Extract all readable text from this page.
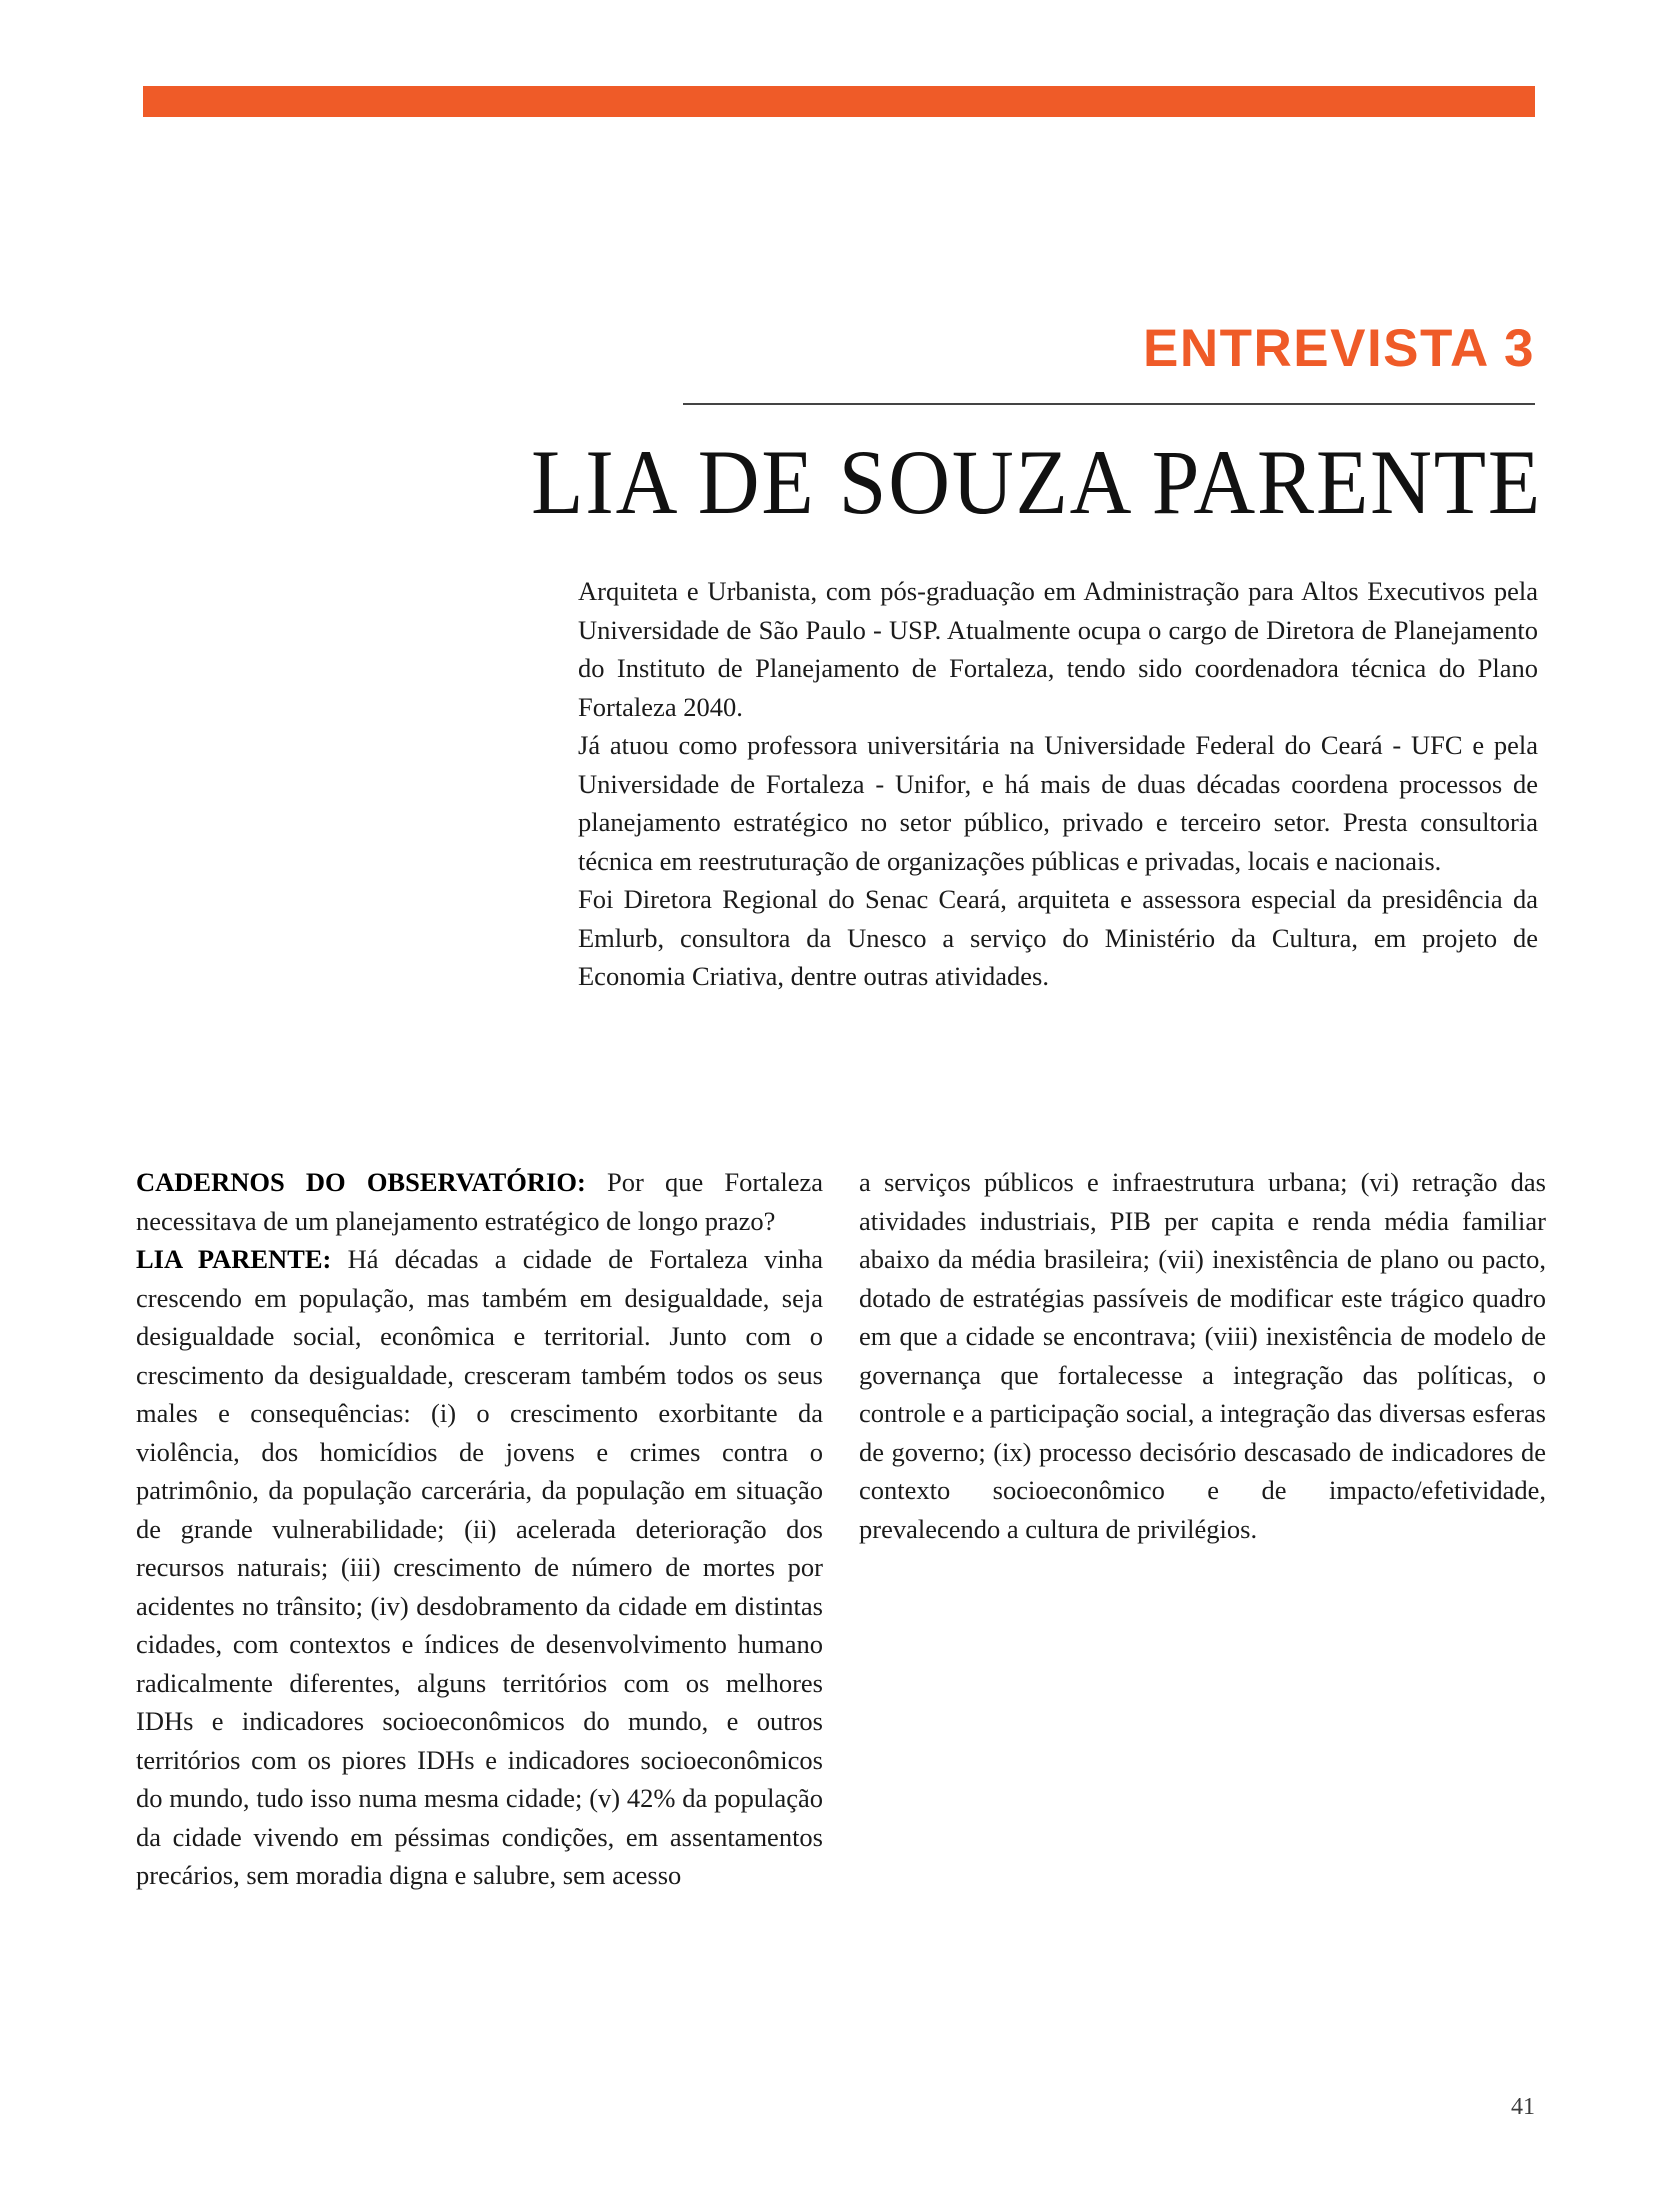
ENTREVISTA 3
LIA DE SOUZA PARENTE

Arquiteta e Urbanista, com pós-graduação em Administração para Altos Executivos pela Universidade de São Paulo - USP. Atualmente ocupa o cargo de Diretora de Planejamento do Instituto de Planejamento de Fortaleza, tendo sido coordenadora técnica do Plano Fortaleza 2040.

Já atuou como professora universitária na Universidade Federal do Ceará - UFC e pela Universidade de Fortaleza - Unifor, e há mais de duas décadas coordena processos de planejamento estratégico no setor público, privado e terceiro setor. Presta consultoria técnica em reestruturação de organizações públicas e privadas, locais e nacionais.

Foi Diretora Regional do Senac Ceará, arquiteta e assessora especial da presidência da Emlurb, consultora da Unesco a serviço do Ministério da Cultura, em projeto de Economia Criativa, dentre outras atividades.

CADERNOS DO OBSERVATÓRIO: Por que Fortaleza necessitava de um planejamento estratégico de longo prazo?

LIA PARENTE: Há décadas a cidade de Fortaleza vinha crescendo em população, mas também em desigualdade, seja desigualdade social, econômica e territorial. Junto com o crescimento da desigualdade, cresceram também todos os seus males e consequências: (i) o crescimento exorbitante da violência, dos homicídios de jovens e crimes contra o patrimônio, da população carcerária, da população em situação de grande vulnerabilidade; (ii) acelerada deterioração dos recursos naturais; (iii) crescimento de número de mortes por acidentes no trânsito; (iv) desdobramento da cidade em distintas cidades, com contextos e índices de desenvolvimento humano radicalmente diferentes, alguns territórios com os melhores IDHs e indicadores socioeconômicos do mundo, e outros territórios com os piores IDHs e indicadores socioeconômicos do mundo, tudo isso numa mesma cidade; (v) 42% da população da cidade vivendo em péssimas condições, em assentamentos precários, sem moradia digna e salubre, sem acesso

a serviços públicos e infraestrutura urbana; (vi) retração das atividades industriais, PIB per capita e renda média familiar abaixo da média brasileira; (vii) inexistência de plano ou pacto, dotado de estratégias passíveis de modificar este trágico quadro em que a cidade se encontrava; (viii) inexistência de modelo de governança que fortalecesse a integração das políticas, o controle e a participação social, a integração das diversas esferas de governo; (ix) processo decisório descasado de indicadores de contexto socioeconômico e de impacto/efetividade, prevalecendo a cultura de privilégios.

41
